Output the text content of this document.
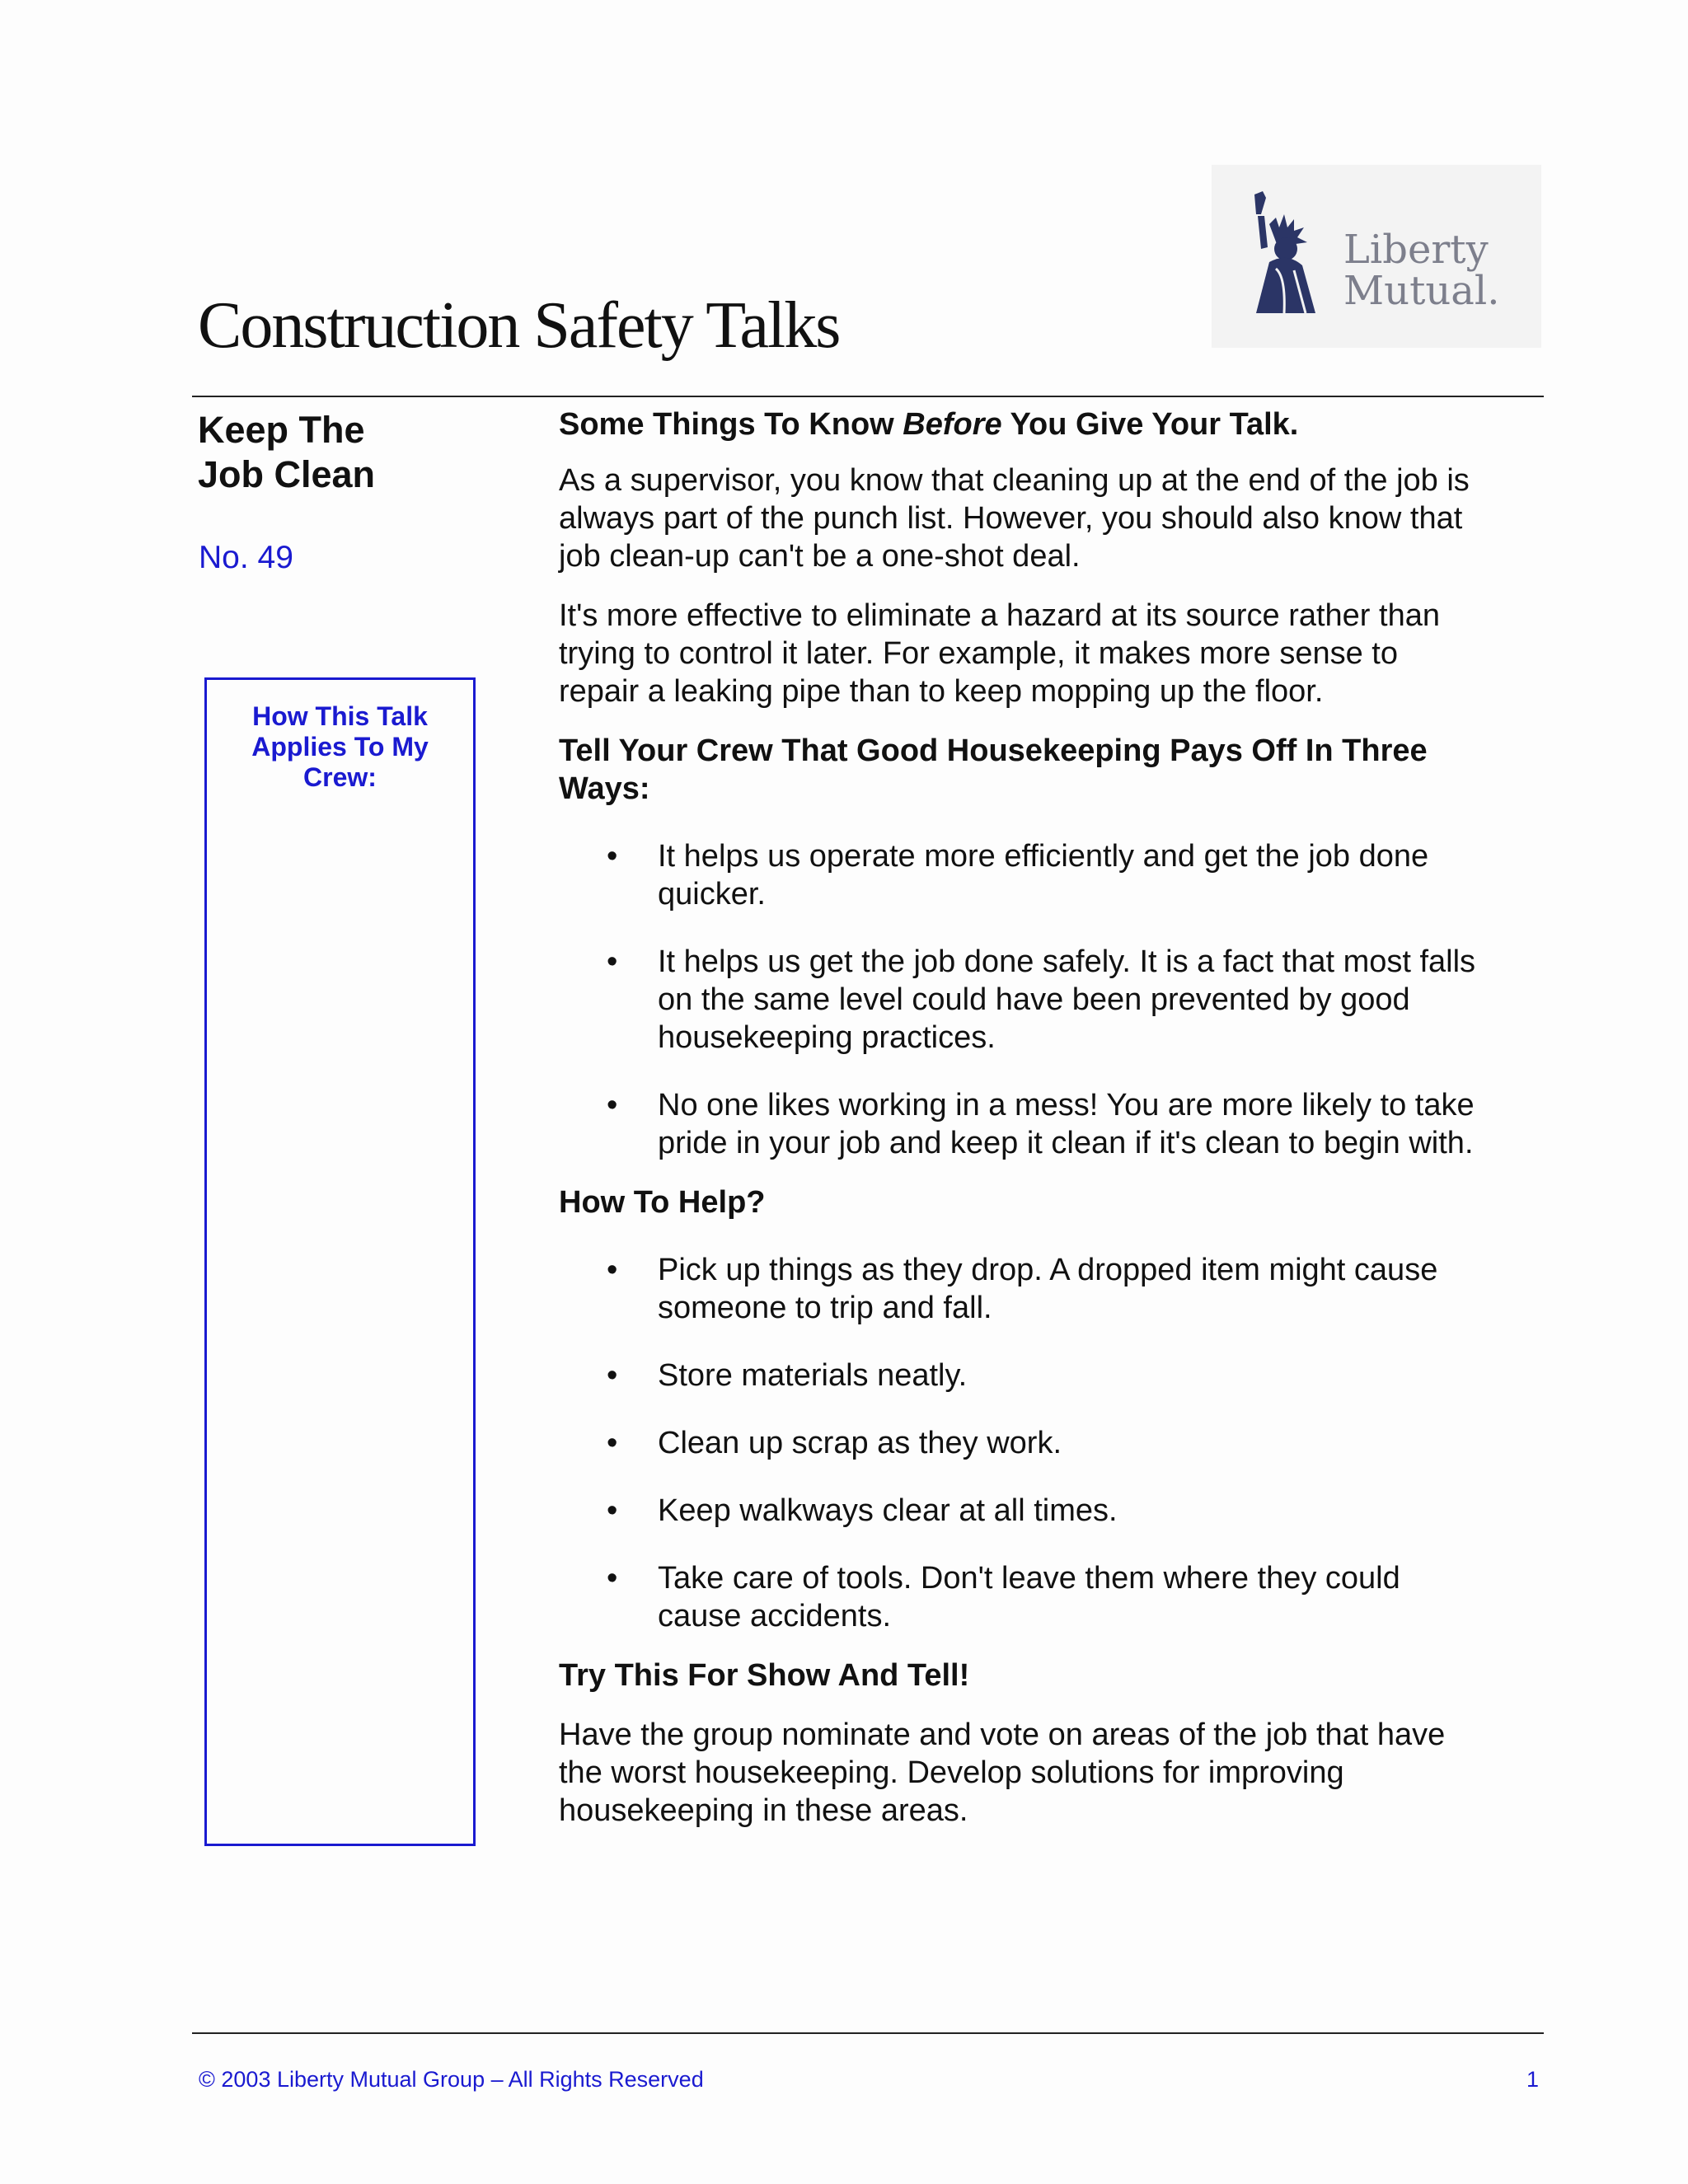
Liberty
Mutual.
Construction Safety Talks
Keep The
Job Clean
No. 49
How This Talk
Applies To My
Crew:
Some Things To Know Before You Give Your Talk.

As a supervisor, you know that cleaning up at the end of the job is
always part of the punch list. However, you should also know that
job clean-up can't be a one-shot deal.

It's more effective to eliminate a hazard at its source rather than
trying to control it later. For example, it makes more sense to
repair a leaking pipe than to keep mopping up the floor.

Tell Your Crew That Good Housekeeping Pays Off In Three
Ways:
• It helps us operate more efficiently and get the job done
quicker.
• It helps us get the job done safely. It is a fact that most falls
on the same level could have been prevented by good
housekeeping practices.
• No one likes working in a mess! You are more likely to take
pride in your job and keep it clean if it's clean to begin with.
How To Help?
• Pick up things as they drop. A dropped item might cause
someone to trip and fall.
• Store materials neatly.
• Clean up scrap as they work.
• Keep walkways clear at all times.
• Take care of tools. Don't leave them where they could
cause accidents.
Try This For Show And Tell!

Have the group nominate and vote on areas of the job that have
the worst housekeeping. Develop solutions for improving
housekeeping in these areas.

© 2003 Liberty Mutual Group – All Rights Reserved	1
